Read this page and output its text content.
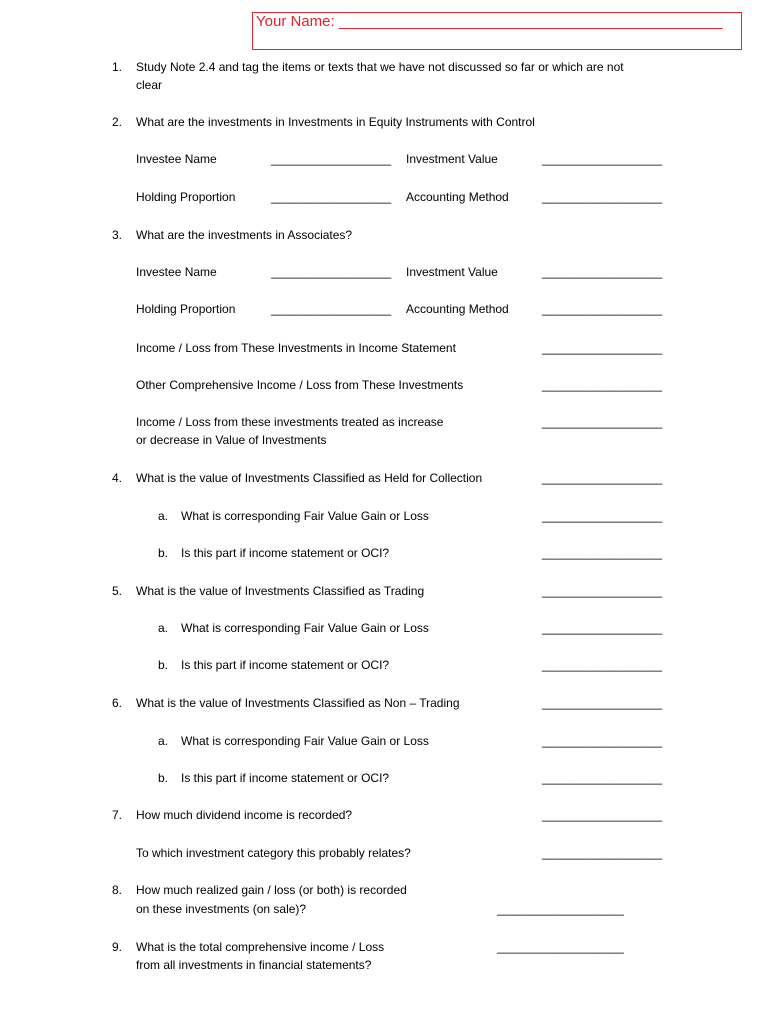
Your Name: ______________________________________________
1. Study Note 2.4 and tag the items or texts that we have not discussed so far or which are not
clear
2. What are the investments in Investments in Equity Instruments with Control
Investee Name	__________________ Investment Value	__________________
Holding Proportion	__________________ Accounting Method	__________________
3. What are the investments in Associates?
Investee Name	__________________ Investment Value	__________________
Holding Proportion	__________________ Accounting Method	__________________
Income / Loss from These Investments in Income Statement	__________________
Other Comprehensive Income / Loss from These Investments	__________________
Income / Loss from these investments treated as increase	__________________
or decrease in Value of Investments
4. What is the value of Investments Classified as Held for Collection	__________________
a. What is corresponding Fair Value Gain or Loss	__________________
b. Is this part if income statement or OCI?	__________________
5. What is the value of Investments Classified as Trading	__________________
a. What is corresponding Fair Value Gain or Loss	__________________
b. Is this part if income statement or OCI?	__________________
6. What is the value of Investments Classified as Non – Trading	__________________
a. What is corresponding Fair Value Gain or Loss	__________________
b. Is this part if income statement or OCI?	__________________
7. How much dividend income is recorded?	__________________
To which investment category this probably relates?	__________________
8. How much realized gain / loss (or both) is recorded
on these investments (on sale)?	___________________
9. What is the total comprehensive income / Loss	___________________
from all investments in financial statements?
